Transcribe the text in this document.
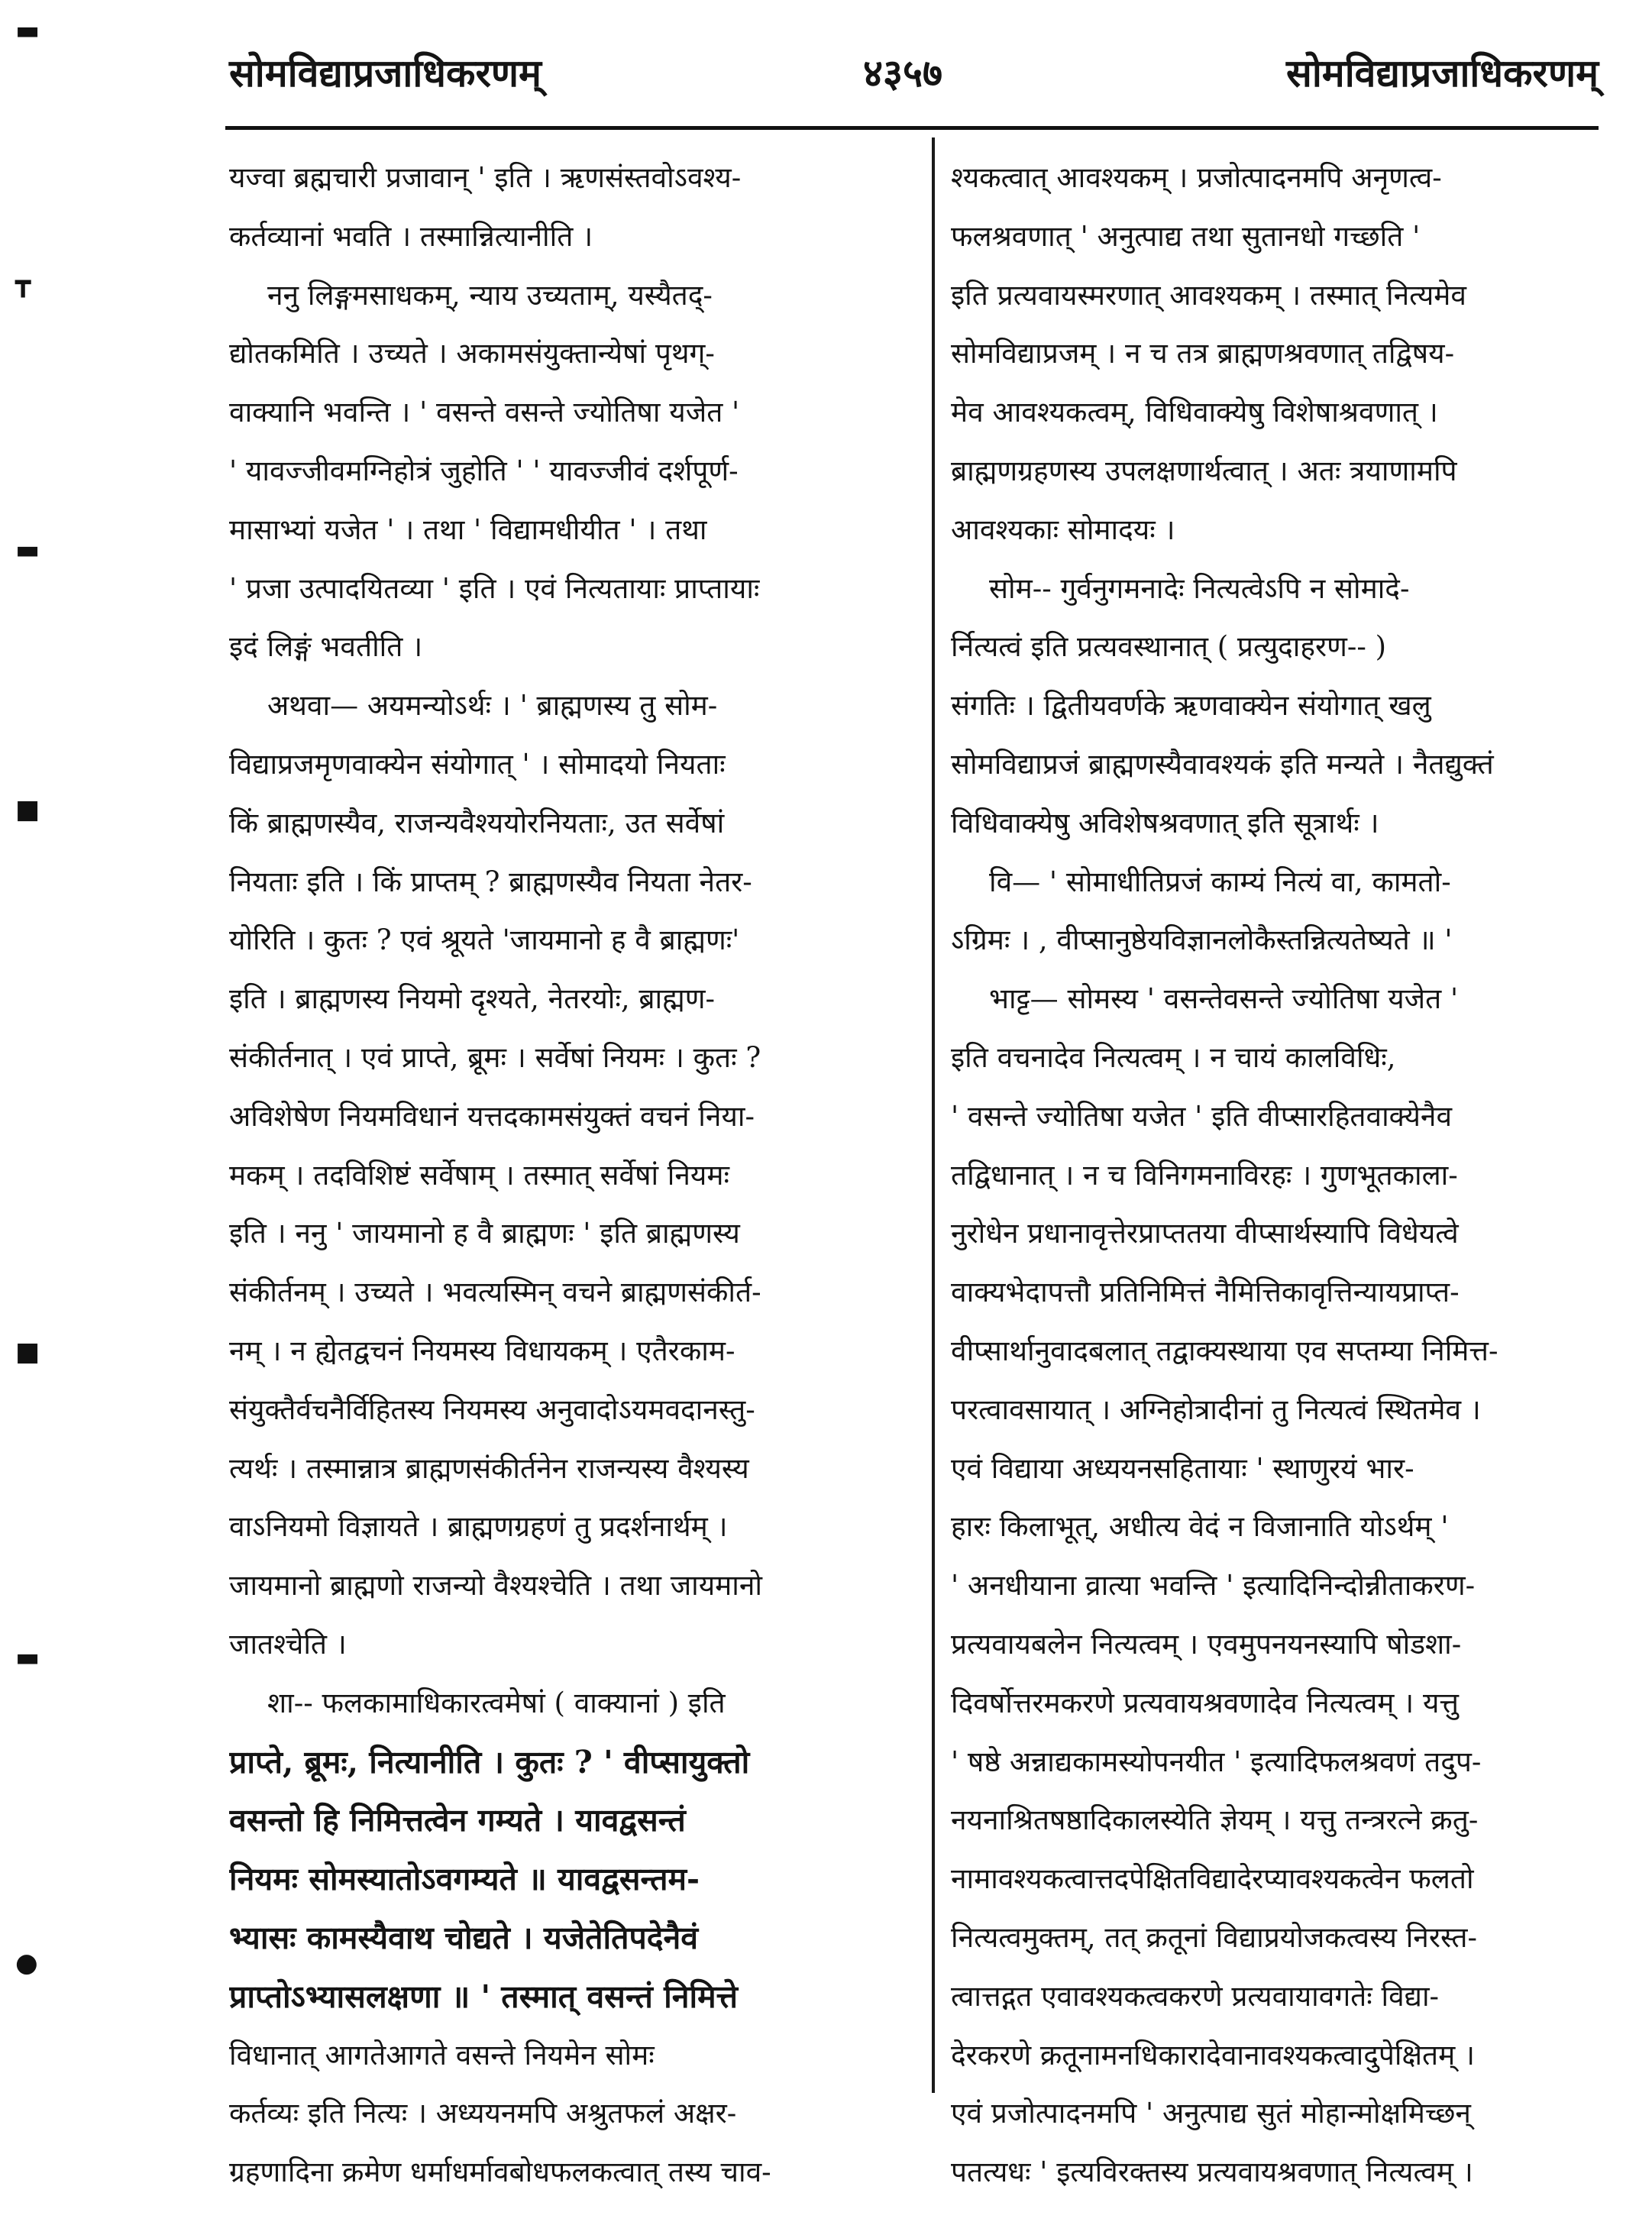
सोमविद्याप्रजाधिकरणम्	४३५७	सोमविद्याप्रजाधिकरणम्
▬
┳
▬
■
■
▬
●
यज्वा ब्रह्मचारी प्रजावान् ' इति । ऋणसंस्तवोऽवश्य-
कर्तव्यानां भवति । तस्मान्नित्यानीति ।
ननु लिङ्गमसाधकम्, न्याय उच्यताम्, यस्यैतद्-
द्योतकमिति । उच्यते । अकामसंयुक्तान्येषां पृथग्-
वाक्यानि भवन्ति । ' वसन्ते वसन्ते ज्योतिषा यजेत '
' यावज्जीवमग्निहोत्रं जुहोति ' ' यावज्जीवं दर्शपूर्ण-
मासाभ्यां यजेत ' । तथा ' विद्यामधीयीत ' । तथा
' प्रजा उत्पादयितव्या ' इति । एवं नित्यतायाः प्राप्तायाः
इदं लिङ्गं भवतीति ।
अथवा— अयमन्योऽर्थः । ' ब्राह्मणस्य तु सोम-
विद्याप्रजमृणवाक्येन संयोगात् ' । सोमादयो नियताः
किं ब्राह्मणस्यैव, राजन्यवैश्ययोरनियताः, उत सर्वेषां
नियताः इति । किं प्राप्तम् ? ब्राह्मणस्यैव नियता नेतर-
योरिति । कुतः ? एवं श्रूयते 'जायमानो ह वै ब्राह्मणः'
इति । ब्राह्मणस्य नियमो दृश्यते, नेतरयोः, ब्राह्मण-
संकीर्तनात् । एवं प्राप्ते, ब्रूमः । सर्वेषां नियमः । कुतः ?
अविशेषेण नियमविधानं यत्तदकामसंयुक्तं वचनं निया-
मकम् । तदविशिष्टं सर्वेषाम् । तस्मात् सर्वेषां नियमः
इति । ननु ' जायमानो ह वै ब्राह्मणः ' इति ब्राह्मणस्य
संकीर्तनम् । उच्यते । भवत्यस्मिन् वचने ब्राह्मणसंकीर्त-
नम् । न ह्येतद्वचनं नियमस्य विधायकम् । एतैरकाम-
संयुक्तैर्वचनैर्विहितस्य नियमस्य अनुवादोऽयमवदानस्तु-
त्यर्थः । तस्मान्नात्र ब्राह्मणसंकीर्तनेन राजन्यस्य वैश्यस्य
वाऽनियमो विज्ञायते । ब्राह्मणग्रहणं तु प्रदर्शनार्थम् ।
जायमानो ब्राह्मणो राजन्यो वैश्यश्चेति । तथा जायमानो
जातश्चेति ।
शा-- फलकामाधिकारत्वमेषां ( वाक्यानां ) इति
प्राप्ते, ब्रूमः, नित्यानीति । कुतः ? ' वीप्सायुक्तो
वसन्तो हि निमित्तत्वेन गम्यते । यावद्वसन्तं
नियमः सोमस्यातोऽवगम्यते ॥ यावद्वसन्तम-
भ्यासः कामस्यैवाथ चोद्यते । यजेतेतिपदेनैवं
प्राप्तोऽभ्यासलक्षणा ॥ ' तस्मात् वसन्तं निमित्ते
विधानात् आगतेआगते वसन्ते नियमेन सोमः
कर्तव्यः इति नित्यः । अध्ययनमपि अश्रुतफलं अक्षर-
ग्रहणादिना क्रमेण धर्माधर्मावबोधफलकत्वात् तस्य चाव-
श्यकत्वात् आवश्यकम् । प्रजोत्पादनमपि अनृणत्व-
फलश्रवणात् ' अनुत्पाद्य तथा सुतानधो गच्छति '
इति प्रत्यवायस्मरणात् आवश्यकम् । तस्मात् नित्यमेव
सोमविद्याप्रजम् । न च तत्र ब्राह्मणश्रवणात् तद्विषय-
मेव आवश्यकत्वम्, विधिवाक्येषु विशेषाश्रवणात् ।
ब्राह्मणग्रहणस्य उपलक्षणार्थत्वात् । अतः त्रयाणामपि
आवश्यकाः सोमादयः ।
सोम-- गुर्वनुगमनादेः नित्यत्वेऽपि न सोमादे-
र्नित्यत्वं इति प्रत्यवस्थानात् ( प्रत्युदाहरण-- )
संगतिः । द्वितीयवर्णके ऋणवाक्येन संयोगात् खलु
सोमविद्याप्रजं ब्राह्मणस्यैवावश्यकं इति मन्यते । नैतद्युक्तं
विधिवाक्येषु अविशेषश्रवणात् इति सूत्रार्थः ।
वि— ' सोमाधीतिप्रजं काम्यं नित्यं वा, कामतो-
ऽग्रिमः । , वीप्सानुष्ठेयविज्ञानलोकैस्तन्नित्यतेष्यते ॥ '
भाट्ट— सोमस्य ' वसन्तेवसन्ते ज्योतिषा यजेत '
इति वचनादेव नित्यत्वम् । न चायं कालविधिः,
' वसन्ते ज्योतिषा यजेत ' इति वीप्सारहितवाक्येनैव
तद्विधानात् । न च विनिगमनाविरहः । गुणभूतकाला-
नुरोधेन प्रधानावृत्तेरप्राप्ततया वीप्सार्थस्यापि विधेयत्वे
वाक्यभेदापत्तौ प्रतिनिमित्तं नैमित्तिकावृत्तिन्यायप्राप्त-
वीप्सार्थानुवादबलात् तद्वाक्यस्थाया एव सप्तम्या निमित्त-
परत्वावसायात् । अग्निहोत्रादीनां तु नित्यत्वं स्थितमेव ।
एवं विद्याया अध्ययनसहितायाः ' स्थाणुरयं भार-
हारः किलाभूत्, अधीत्य वेदं न विजानाति योऽर्थम् '
' अनधीयाना व्रात्या भवन्ति ' इत्यादिनिन्दोन्नीताकरण-
प्रत्यवायबलेन नित्यत्वम् । एवमुपनयनस्यापि षोडशा-
दिवर्षोत्तरमकरणे प्रत्यवायश्रवणादेव नित्यत्वम् । यत्तु
' षष्ठे अन्नाद्यकामस्योपनयीत ' इत्यादिफलश्रवणं तदुप-
नयनाश्रितषष्ठादिकालस्येति ज्ञेयम् । यत्तु तन्त्ररत्ने क्रतु-
नामावश्यकत्वात्तदपेक्षितविद्यादेरप्यावश्यकत्वेन फलतो
नित्यत्वमुक्तम्, तत् क्रतूनां विद्याप्रयोजकत्वस्य निरस्त-
त्वात्तद्गत एवावश्यकत्वकरणे प्रत्यवायावगतेः विद्या-
देरकरणे क्रतूनामनधिकारादेवानावश्यकत्वादुपेक्षितम् ।
एवं प्रजोत्पादनमपि ' अनुत्पाद्य सुतं मोहान्मोक्षमिच्छन्
पतत्यधः ' इत्यविरक्तस्य प्रत्यवायश्रवणात् नित्यत्वम् ।
